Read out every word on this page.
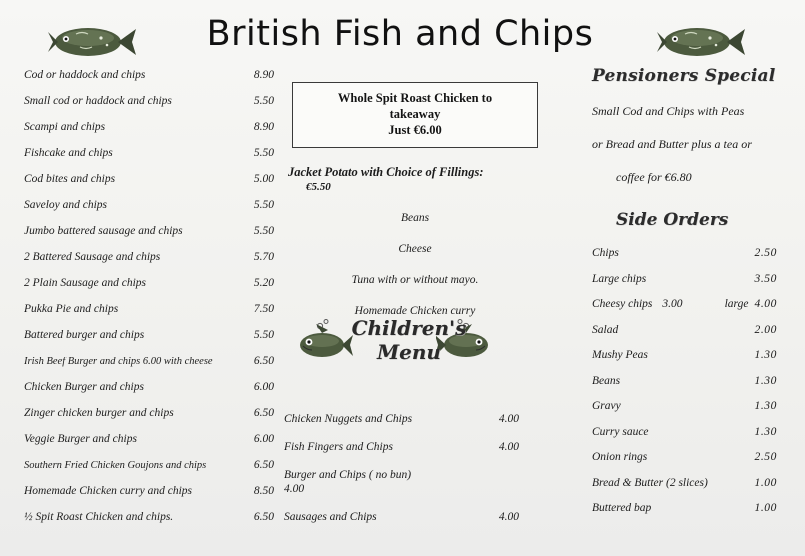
British Fish and Chips
Cod or haddock and chips	8.90
Small cod or haddock and chips	5.50
Scampi and chips	8.90
Fishcake and chips	5.50
Cod bites and chips	5.00
Saveloy and chips	5.50
Jumbo battered sausage and chips	5.50
2 Battered Sausage and chips	5.70
2 Plain Sausage and chips	5.20
Pukka Pie and chips	7.50
Battered burger and chips	5.50
Irish Beef Burger and chips 6.00 with cheese	6.50
Chicken Burger and chips	6.00
Zinger chicken burger and chips	6.50
Veggie Burger and chips	6.00
Southern Fried Chicken Goujons and chips	6.50
Homemade Chicken curry and chips	8.50
½ Spit Roast Chicken and chips.	6.50
Whole Spit Roast Chicken to
takeaway
Just €6.00
Jacket Potato with Choice of Fillings:
€5.50
Beans
Cheese
Tuna with or without mayo.
Homemade Chicken curry
Children's
Menu
Chicken Nuggets and Chips	4.00
Fish Fingers and Chips	4.00
Burger and Chips ( no bun) 4.00
Sausages and Chips	4.00
Pensioners Special
Small Cod and Chips with Peas
or Bread and Butter plus a tea or
coffee for €6.80
Side Orders
Chips	2.50
Large chips	3.50
Cheesy chips 3.00	large 4.00
Salad	2.00
Mushy Peas	1.30
Beans	1.30
Gravy	1.30
Curry sauce	1.30
Onion rings	2.50
Bread & Butter (2 slices)	1.00
Buttered bap	1.00
